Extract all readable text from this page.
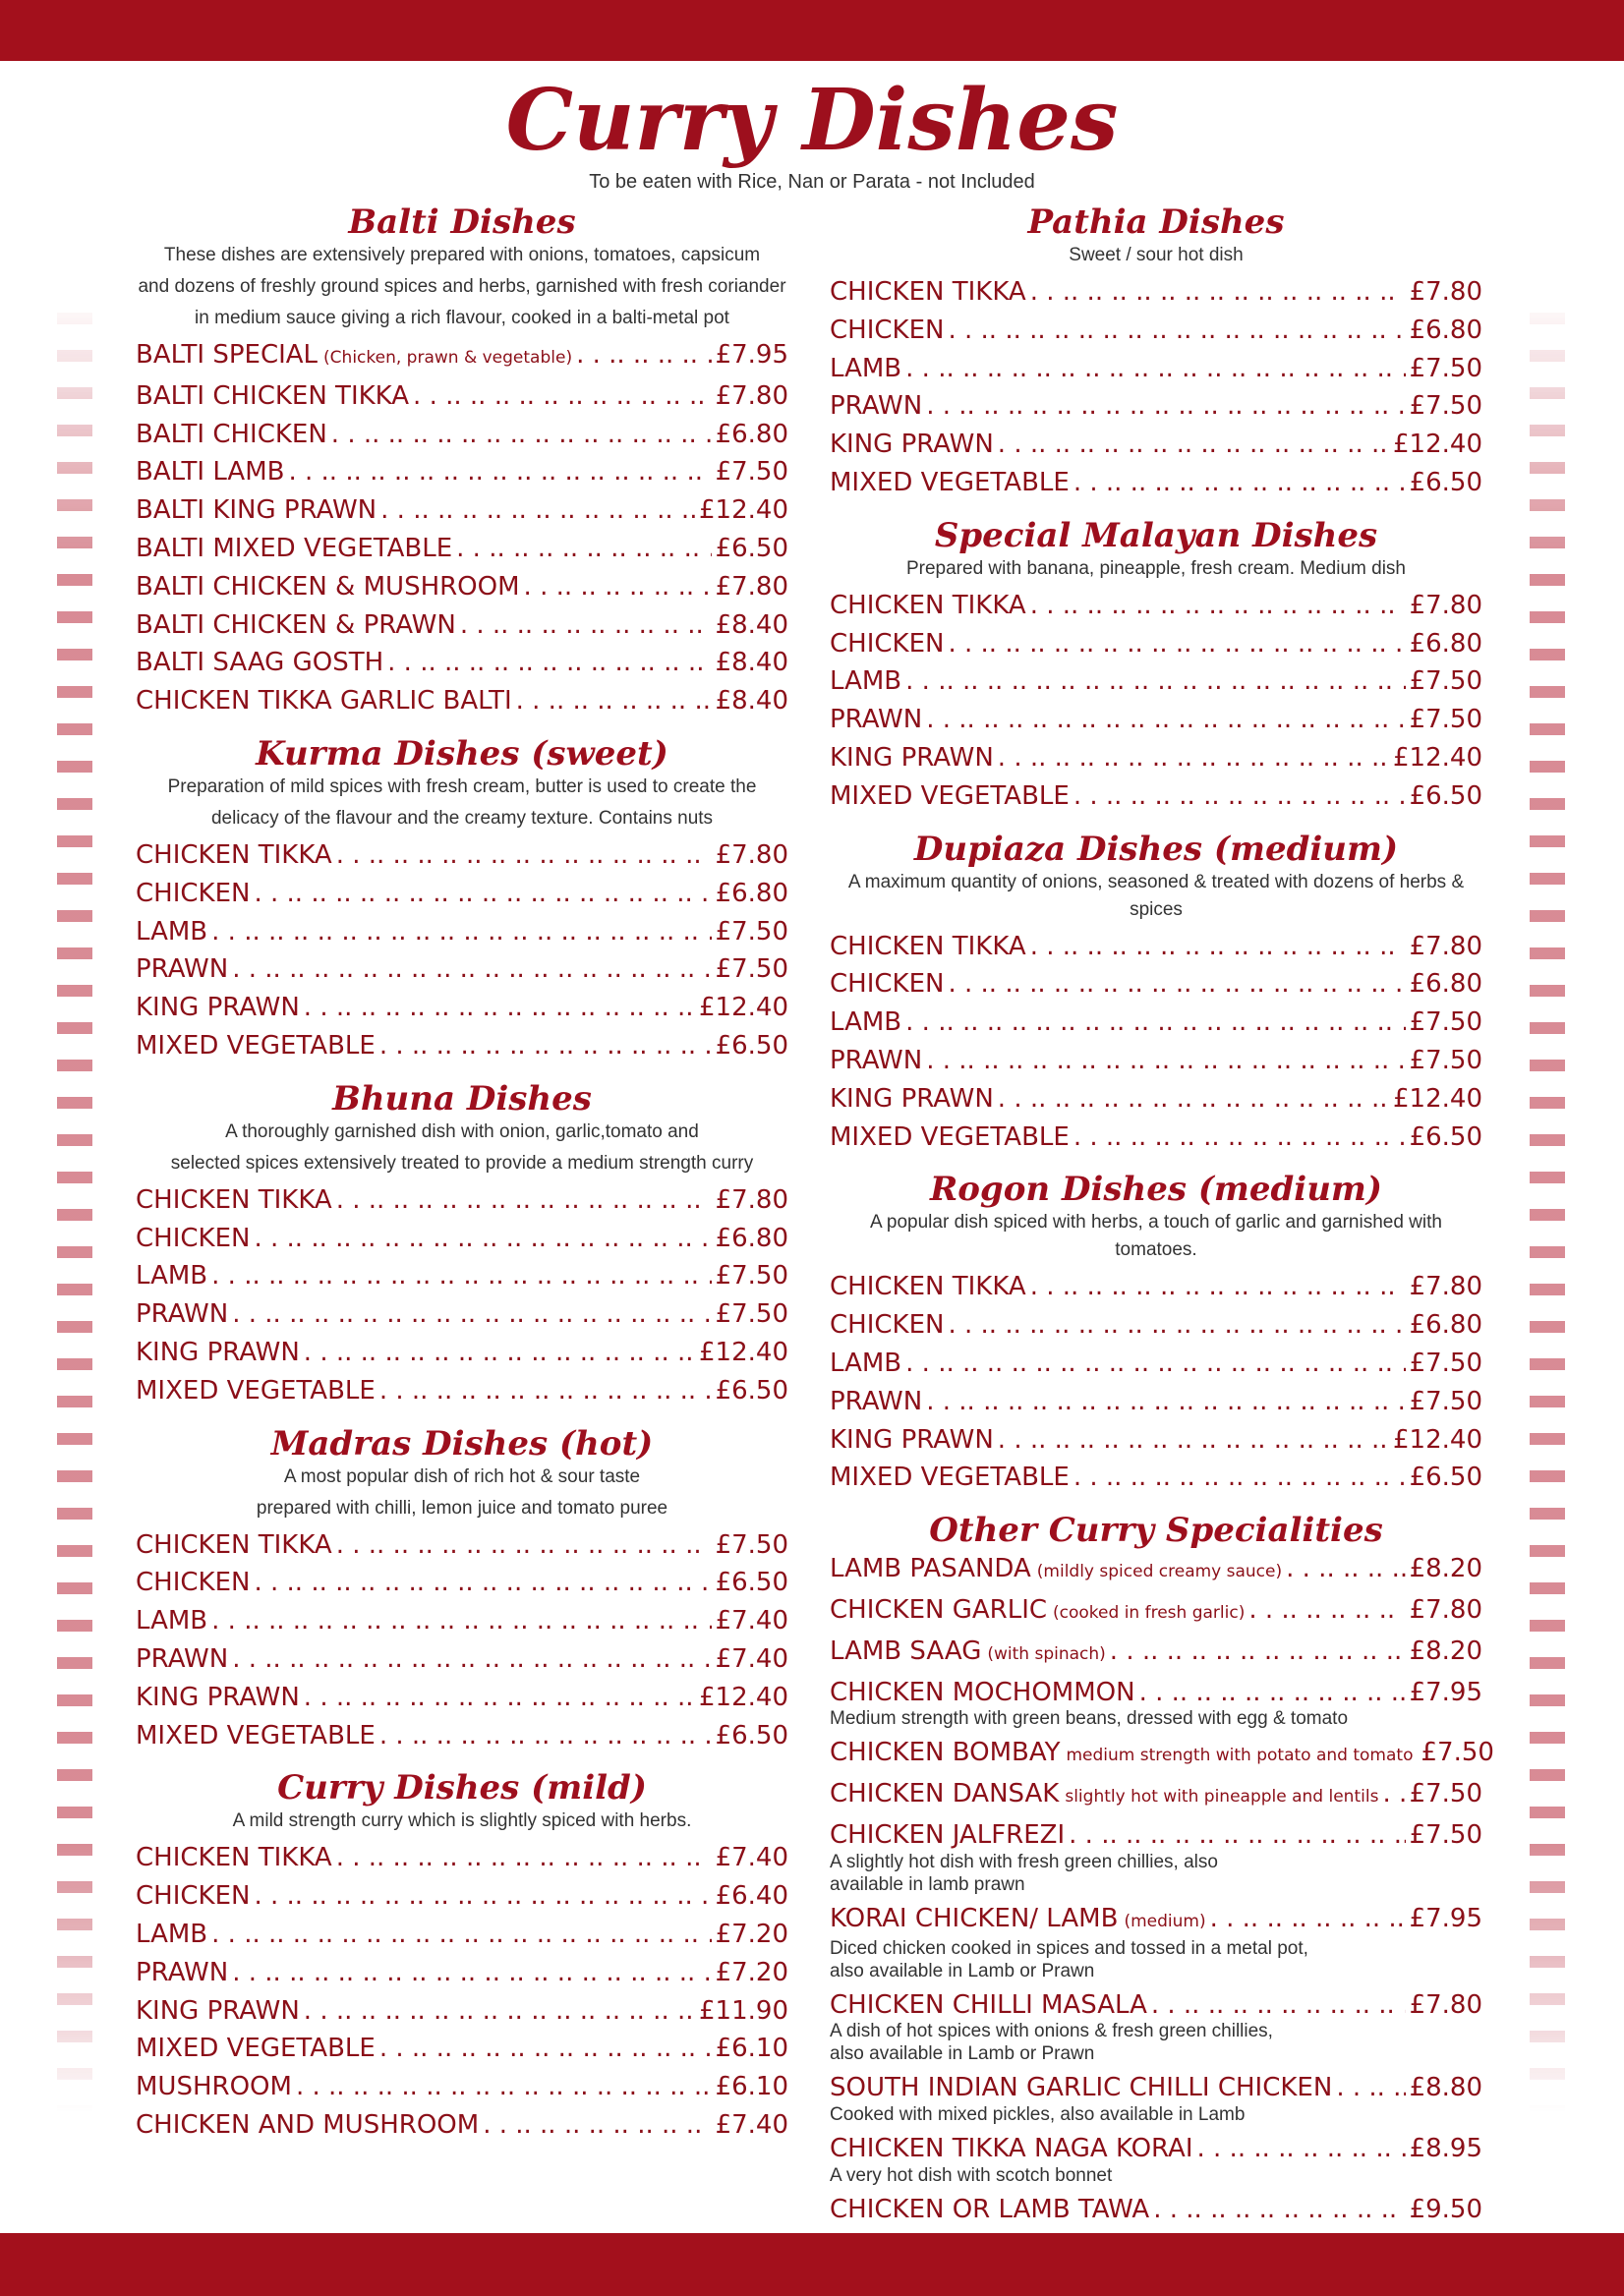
Curry Dishes
To be eaten with Rice, Nan or Parata - not Included
Balti Dishes
These dishes are extensively prepared with onions, tomatoes, capsicum
and dozens of freshly ground spices and herbs, garnished with fresh coriander
in medium sauce giving a rich flavour, cooked in a balti-metal pot
BALTI SPECIAL (Chicken, prawn & vegetable) . .	£7.95
BALTI CHICKEN TIKKA . .	£7.80
BALTI CHICKEN . .	£6.80
BALTI LAMB . .	£7.50
BALTI KING PRAWN . .	£12.40
BALTI MIXED VEGETABLE . .	£6.50
BALTI CHICKEN & MUSHROOM . .	£7.80
BALTI CHICKEN & PRAWN . .	£8.40
BALTI SAAG GOSTH . .	£8.40
CHICKEN TIKKA GARLIC BALTI . .	£8.40
Kurma Dishes (sweet)
Preparation of mild spices with fresh cream, butter is used to create the
delicacy of the flavour and the creamy texture. Contains nuts
CHICKEN TIKKA . .	£7.80
CHICKEN . .	£6.80
LAMB . .	£7.50
PRAWN . .	£7.50
KING PRAWN . .	£12.40
MIXED VEGETABLE . .	£6.50
Bhuna Dishes
A thoroughly garnished dish with onion, garlic,tomato and
selected spices extensively treated to provide a medium strength curry
CHICKEN TIKKA . .	£7.80
CHICKEN . .	£6.80
LAMB . .	£7.50
PRAWN . .	£7.50
KING PRAWN . .	£12.40
MIXED VEGETABLE . .	£6.50
Madras Dishes (hot)
A most popular dish of rich hot & sour taste
prepared with chilli, lemon juice and tomato puree
CHICKEN TIKKA . .	£7.50
CHICKEN . .	£6.50
LAMB . .	£7.40
PRAWN . .	£7.40
KING PRAWN . .	£12.40
MIXED VEGETABLE . .	£6.50
Curry Dishes (mild)
A mild strength curry which is slightly spiced with herbs.
CHICKEN TIKKA . .	£7.40
CHICKEN . .	£6.40
LAMB . .	£7.20
PRAWN . .	£7.20
KING PRAWN . .	£11.90
MIXED VEGETABLE . .	£6.10
MUSHROOM . .	£6.10
CHICKEN AND MUSHROOM . .	£7.40
Pathia Dishes
Sweet / sour hot dish
CHICKEN TIKKA . .	£7.80
CHICKEN . .	£6.80
LAMB . .	£7.50
PRAWN . .	£7.50
KING PRAWN . .	£12.40
MIXED VEGETABLE . .	£6.50
Special Malayan Dishes
Prepared with banana, pineapple, fresh cream. Medium dish
CHICKEN TIKKA . .	£7.80
CHICKEN . .	£6.80
LAMB . .	£7.50
PRAWN . .	£7.50
KING PRAWN . .	£12.40
MIXED VEGETABLE . .	£6.50
Dupiaza Dishes (medium)
A maximum quantity of onions, seasoned & treated with dozens of herbs & spices
CHICKEN TIKKA . .	£7.80
CHICKEN . .	£6.80
LAMB . .	£7.50
PRAWN . .	£7.50
KING PRAWN . .	£12.40
MIXED VEGETABLE . .	£6.50
Rogon Dishes (medium)
A popular dish spiced with herbs, a touch of garlic and garnished with tomatoes.
CHICKEN TIKKA . .	£7.80
CHICKEN . .	£6.80
LAMB . .	£7.50
PRAWN . .	£7.50
KING PRAWN . .	£12.40
MIXED VEGETABLE . .	£6.50
Other Curry Specialities
LAMB PASANDA (mildly spiced creamy sauce) . .	£8.20
CHICKEN GARLIC (cooked in fresh garlic) . .	£7.80
LAMB SAAG (with spinach) . .	£8.20
CHICKEN MOCHOMMON . .	£7.95
Medium strength with green beans, dressed with egg & tomato
CHICKEN BOMBAY medium strength with potato and tomato £7.50
CHICKEN DANSAK slightly hot with pineapple and lentils . . £7.50
CHICKEN JALFREZI . .	£7.50
A slightly hot dish with fresh green chillies, also
available in lamb prawn
KORAI CHICKEN/ LAMB (medium) . .	£7.95
Diced chicken cooked in spices and tossed in a metal pot,
also available in Lamb or Prawn
CHICKEN CHILLI MASALA . .	£7.80
A dish of hot spices with onions & fresh green chillies,
also available in Lamb or Prawn
SOUTH INDIAN GARLIC CHILLI CHICKEN . .	£8.80
Cooked with mixed pickles, also available in Lamb
CHICKEN TIKKA NAGA KORAI . .	£8.95
A very hot dish with scotch bonnet
CHICKEN OR LAMB TAWA . .	£9.50
. .
